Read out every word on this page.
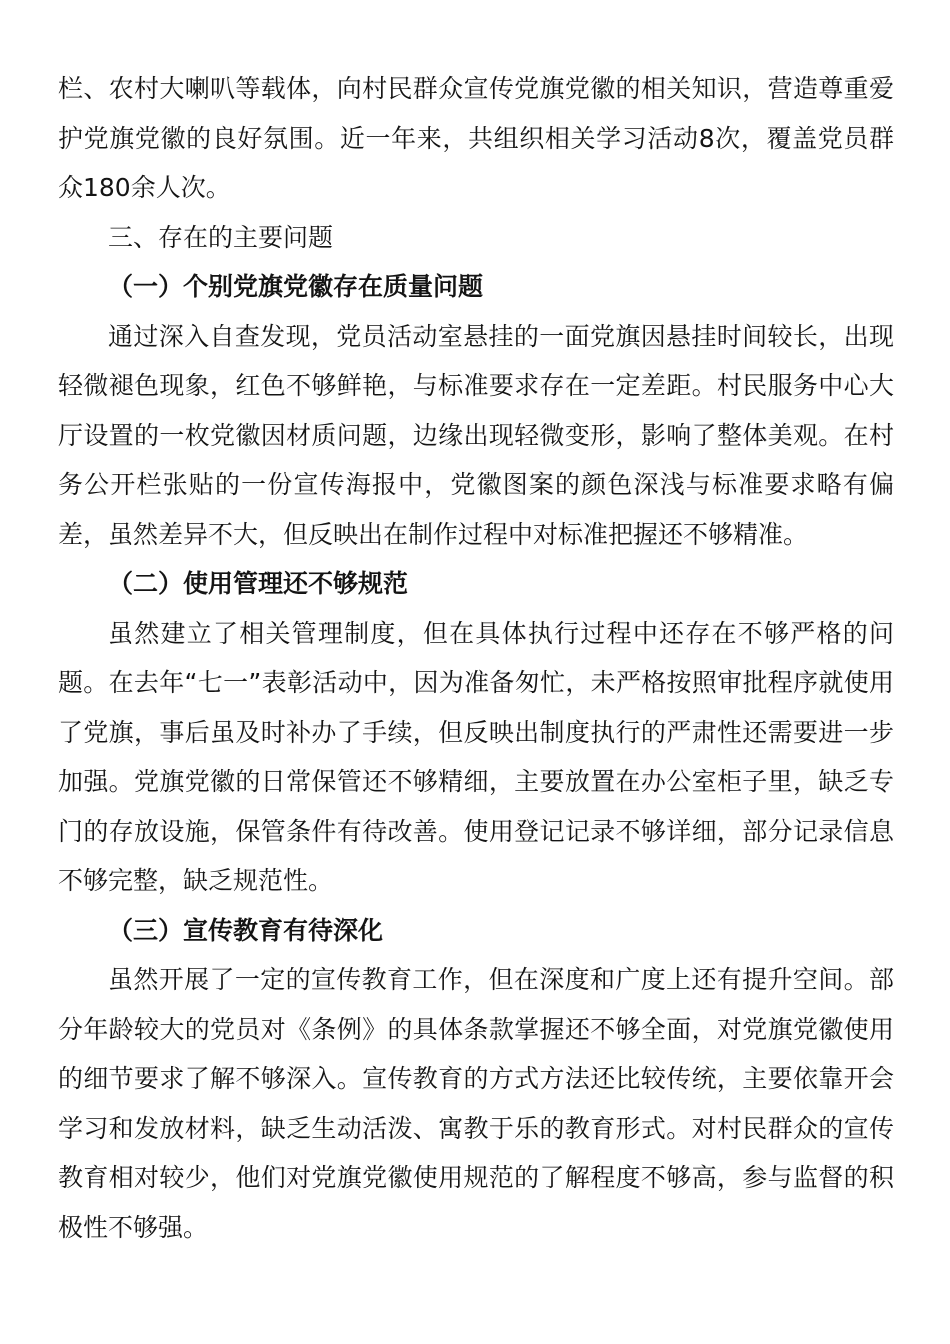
栏、农村大喇叭等载体，向村民群众宣传党旗党徽的相关知识，营造尊重爱护党旗党徽的良好氛围。近一年来，共组织相关学习活动8次，覆盖党员群众180余人次。

三、存在的主要问题

（一）个别党旗党徽存在质量问题

通过深入自查发现，党员活动室悬挂的一面党旗因悬挂时间较长，出现轻微褪色现象，红色不够鲜艳，与标准要求存在一定差距。村民服务中心大厅设置的一枚党徽因材质问题，边缘出现轻微变形，影响了整体美观。在村务公开栏张贴的一份宣传海报中，党徽图案的颜色深浅与标准要求略有偏差，虽然差异不大，但反映出在制作过程中对标准把握还不够精准。

（二）使用管理还不够规范

虽然建立了相关管理制度，但在具体执行过程中还存在不够严格的问题。在去年“七一”表彰活动中，因为准备匆忙，未严格按照审批程序就使用了党旗，事后虽及时补办了手续，但反映出制度执行的严肃性还需要进一步加强。党旗党徽的日常保管还不够精细，主要放置在办公室柜子里，缺乏专门的存放设施，保管条件有待改善。使用登记记录不够详细，部分记录信息不够完整，缺乏规范性。

（三）宣传教育有待深化

虽然开展了一定的宣传教育工作，但在深度和广度上还有提升空间。部分年龄较大的党员对《条例》的具体条款掌握还不够全面，对党旗党徽使用的细节要求了解不够深入。宣传教育的方式方法还比较传统，主要依靠开会学习和发放材料，缺乏生动活泼、寓教于乐的教育形式。对村民群众的宣传教育相对较少，他们对党旗党徽使用规范的了解程度不够高，参与监督的积极性不够强。
